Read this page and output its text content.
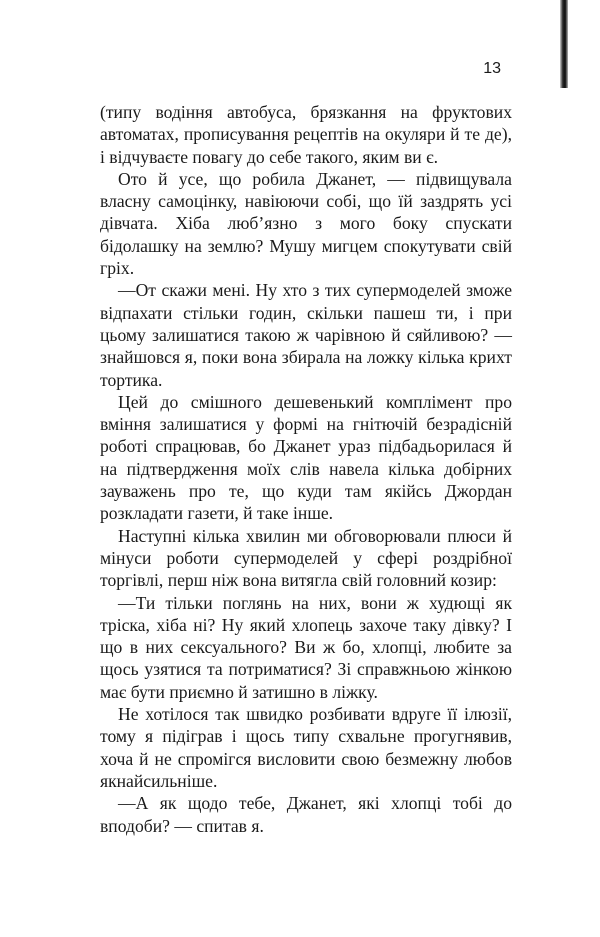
13

(типу водіння автобуса, брязкання на фруктових автоматах, прописування рецептів на окуляри й те де), і відчуваєте повагу до себе такого, яким ви є.

Ото й усе, що робила Джанет, — підвищувала власну самоцінку, навіюючи собі, що їй заздрять усі дівчата. Хіба люб’язно з мого боку спускати бідолашку на землю? Мушу мигцем спокутувати свій гріх.

—От скажи мені. Ну хто з тих супермоделей зможе відпахати стільки годин, скільки пашеш ти, і при цьому залишатися такою ж чарівною й сяйливою? — знайшовся я, поки вона збирала на ложку кілька крихт тортика.

Цей до смішного дешевенький комплімент про вміння залишатися у формі на гнітючій безрадісній роботі спрацював, бо Джанет ураз підбадьорилася й на підтвердження моїх слів навела кілька добірних зауважень про те, що куди там якійсь Джордан розкладати газети, й таке інше.

Наступні кілька хвилин ми обговорювали плюси й мінуси роботи супермоделей у сфері роздрібної торгівлі, перш ніж вона витягла свій головний козир:

—Ти тільки поглянь на них, вони ж худющі як тріска, хіба ні? Ну який хлопець захоче таку дівку? І що в них сексуального? Ви ж бо, хлопці, любите за щось узятися та потриматися? Зі справжньою жінкою має бути приємно й затишно в ліжку.

Не хотілося так швидко розбивати вдруге її ілюзії, тому я підіграв і щось типу схвальне прогугнявив, хоча й не спромігся висловити свою безмежну любов якнайсильніше.

—А як щодо тебе, Джанет, які хлопці тобі до вподоби? — спитав я.
